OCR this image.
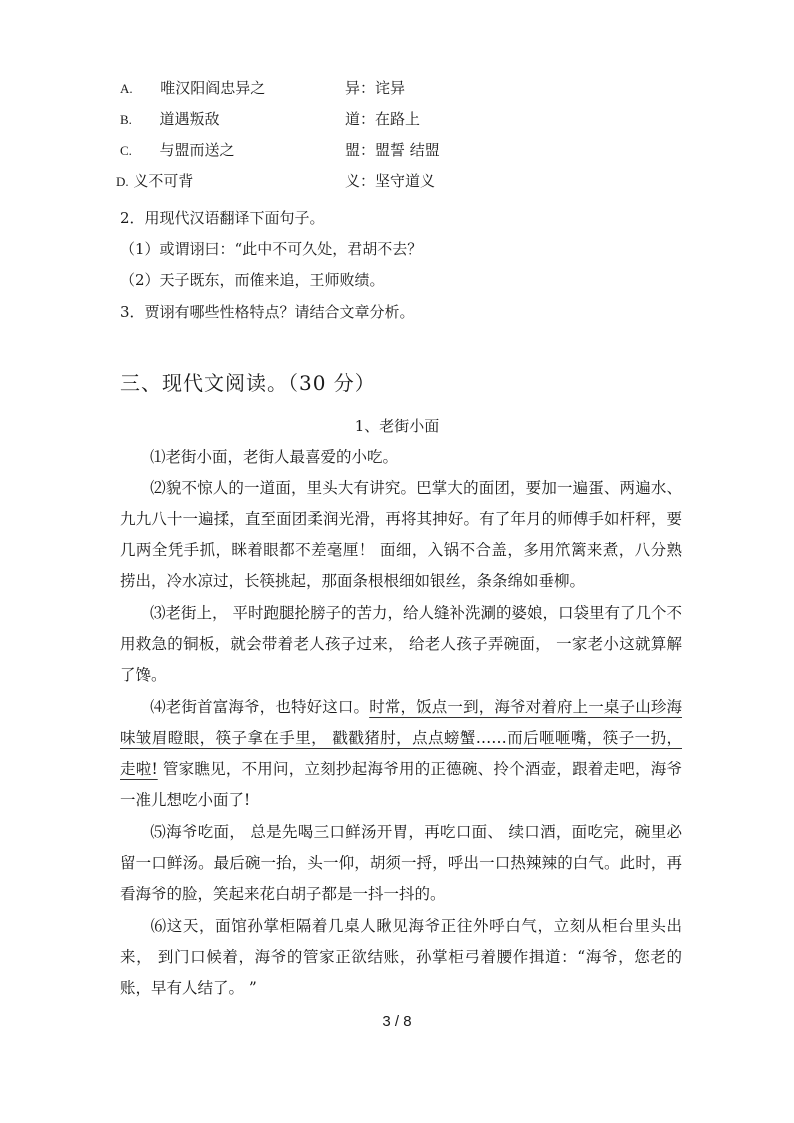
A. 唯汉阳阎忠异之	异：诧异
B. 道遇叛敌	道：在路上
C. 与盟而送之	盟：盟誓 结盟
D. 义不可背	义：坚守道义
2．用现代汉语翻译下面句子。
（1）或谓诩曰：“此中不可久处，君胡不去？
（2）天子既东，而傕来追，王师败绩。
3．贾诩有哪些性格特点？请结合文章分析。
三、现代文阅读。（30 分）
1、老街小面
⑴老街小面，老街人最喜爱的小吃。
⑵貌不惊人的一道面，里头大有讲究。巴掌大的面团，要加一遍蛋、两遍水、九九八十一遍揉，直至面团柔润光滑，再将其抻好。有了年月的师傅手如杆秤，要几两全凭手抓，眯着眼都不差毫厘！ 面细，入锅不合盖，多用笊篱来煮，八分熟捞出，冷水凉过，长筷挑起，那面条根根细如银丝，条条绵如垂柳。
⑶老街上， 平时跑腿抡膀子的苦力，给人缝补洗涮的婆娘，口袋里有了几个不用救急的铜板，就会带着老人孩子过来， 给老人孩子弄碗面， 一家老小这就算解了馋。
⑷老街首富海爷，也特好这口。时常，饭点一到，海爷对着府上一桌子山珍海味皱眉瞪眼，筷子拿在手里， 戳戳猪肘，点点螃蟹……而后咂咂嘴，筷子一扔，走啦! 管家瞧见，不用问，立刻抄起海爷用的正德碗、拎个酒壶，跟着走吧，海爷一准儿想吃小面了!
⑸海爷吃面， 总是先喝三口鲜汤开胃，再吃口面、 续口酒，面吃完，碗里必留一口鲜汤。最后碗一抬，头一仰，胡须一捋，呼出一口热辣辣的白气。此时，再看海爷的脸，笑起来花白胡子都是一抖一抖的。
⑹这天，面馆孙掌柜隔着几桌人瞅见海爷正往外呼白气，立刻从柜台里头出来， 到门口候着，海爷的管家正欲结账，孙掌柜弓着腰作揖道：“海爷，您老的账，早有人结了。 ”
3 / 8
